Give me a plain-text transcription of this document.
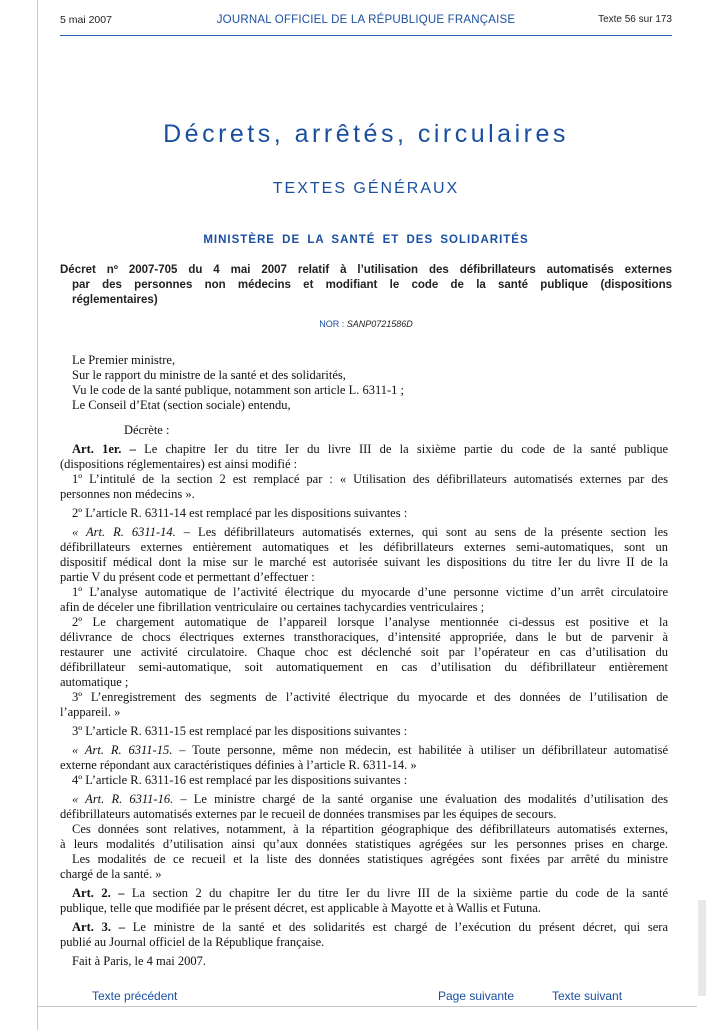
5 mai 2007	JOURNAL OFFICIEL DE LA RÉPUBLIQUE FRANÇAISE	Texte 56 sur 173
Décrets, arrêtés, circulaires
TEXTES GÉNÉRAUX
MINISTÈRE DE LA SANTÉ ET DES SOLIDARITÉS
Décret nº 2007-705 du 4 mai 2007 relatif à l’utilisation des défibrillateurs automatisés externes
par des personnes non médecins et modifiant le code de la santé publique (dispositions
réglementaires)
NOR : SANP0721586D
Le Premier ministre,
Sur le rapport du ministre de la santé et des solidarités,
Vu le code de la santé publique, notamment son article L. 6311-1 ;
Le Conseil d’Etat (section sociale) entendu,
Décrète :
Art. 1er. – Le chapitre Ier du titre Ier du livre III de la sixième partie du code de la santé publique
(dispositions réglementaires) est ainsi modifié :
1º L’intitulé de la section 2 est remplacé par : « Utilisation des défibrillateurs automatisés externes par des
personnes non médecins ».
2º L’article R. 6311-14 est remplacé par les dispositions suivantes :
« Art. R. 6311-14. – Les défibrillateurs automatisés externes, qui sont au sens de la présente section les
défibrillateurs externes entièrement automatiques et les défibrillateurs externes semi-automatiques, sont un
dispositif médical dont la mise sur le marché est autorisée suivant les dispositions du titre Ier du livre II de la
partie V du présent code et permettant d’effectuer :
1º L’analyse automatique de l’activité électrique du myocarde d’une personne victime d’un arrêt circulatoire
afin de déceler une fibrillation ventriculaire ou certaines tachycardies ventriculaires ;
2º Le chargement automatique de l’appareil lorsque l’analyse mentionnée ci-dessus est positive et la
délivrance de chocs électriques externes transthoraciques, d’intensité appropriée, dans le but de parvenir à
restaurer une activité circulatoire. Chaque choc est déclenché soit par l’opérateur en cas d’utilisation du
défibrillateur semi-automatique, soit automatiquement en cas d’utilisation du défibrillateur entièrement
automatique ;
3º L’enregistrement des segments de l’activité électrique du myocarde et des données de l’utilisation de
l’appareil. »
3º L’article R. 6311-15 est remplacé par les dispositions suivantes :
« Art. R. 6311-15. – Toute personne, même non médecin, est habilitée à utiliser un défibrillateur automatisé
externe répondant aux caractéristiques définies à l’article R. 6311-14. »
4º L’article R. 6311-16 est remplacé par les dispositions suivantes :
« Art. R. 6311-16. – Le ministre chargé de la santé organise une évaluation des modalités d’utilisation des
défibrillateurs automatisés externes par le recueil de données transmises par les équipes de secours.
Ces données sont relatives, notamment, à la répartition géographique des défibrillateurs automatisés externes,
à leurs modalités d’utilisation ainsi qu’aux données statistiques agrégées sur les personnes prises en charge.
Les modalités de ce recueil et la liste des données statistiques agrégées sont fixées par arrêté du ministre
chargé de la santé. »
Art. 2. – La section 2 du chapitre Ier du titre Ier du livre III de la sixième partie du code de la santé
publique, telle que modifiée par le présent décret, est applicable à Mayotte et à Wallis et Futuna.
Art. 3. – Le ministre de la santé et des solidarités est chargé de l’exécution du présent décret, qui sera
publié au Journal officiel de la République française.
Fait à Paris, le 4 mai 2007.
Texte précédent	Page suivante	Texte suivant
